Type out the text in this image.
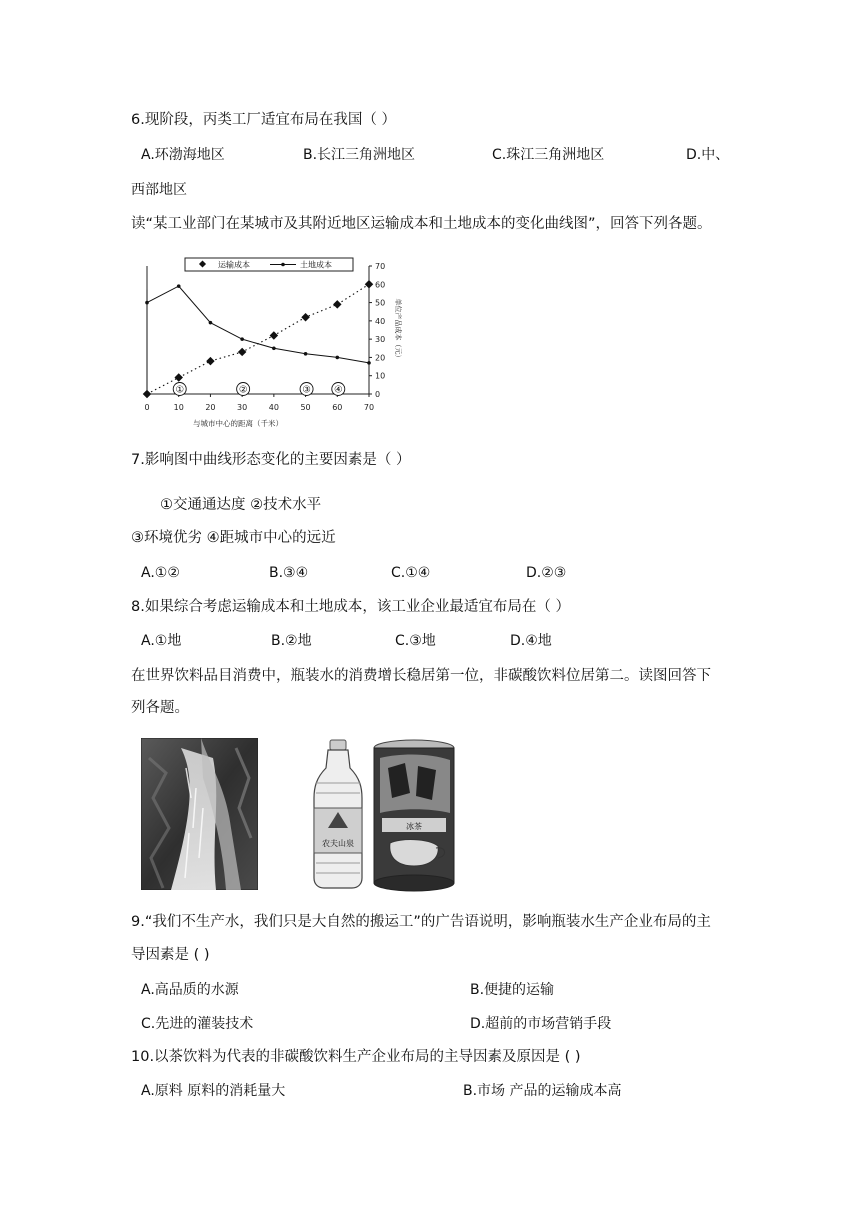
6.现阶段，丙类工厂适宜布局在我国（ ）
A.环渤海地区	B.长江三角洲地区	C.珠江三角洲地区	D.中、
西部地区
读“某工业部门在某城市及其附近地区运输成本和土地成本的变化曲线图”，回答下列各题。
运输成本	土地成本
①	②	③ ④
0	10	20	30	40	50	60	70
0
10
20
30
40
50
60
70
与城市中心的距离（千米）
单位产品成本（元）
7.影响图中曲线形态变化的主要因素是（ ）
①交通通达度 ②技术水平
③环境优劣 ④距城市中心的远近
A.①②	B.③④	C.①④	D.②③
8.如果综合考虑运输成本和土地成本，该工业企业最适宜布局在（ ）
A.①地	B.②地	C.③地	D.④地
在世界饮料品目消费中，瓶装水的消费增长稳居第一位，非碳酸饮料位居第二。读图回答下
列各题。
农夫山泉
冰茶
9.“我们不生产水，我们只是大自然的搬运工”的广告语说明，影响瓶装水生产企业布局的主
导因素是 ( )
A.高品质的水源	B.便捷的运输
C.先进的灌装技术	D.超前的市场营销手段
10.以茶饮料为代表的非碳酸饮料生产企业布局的主导因素及原因是 ( )
A.原料 原料的消耗量大	B.市场 产品的运输成本高
